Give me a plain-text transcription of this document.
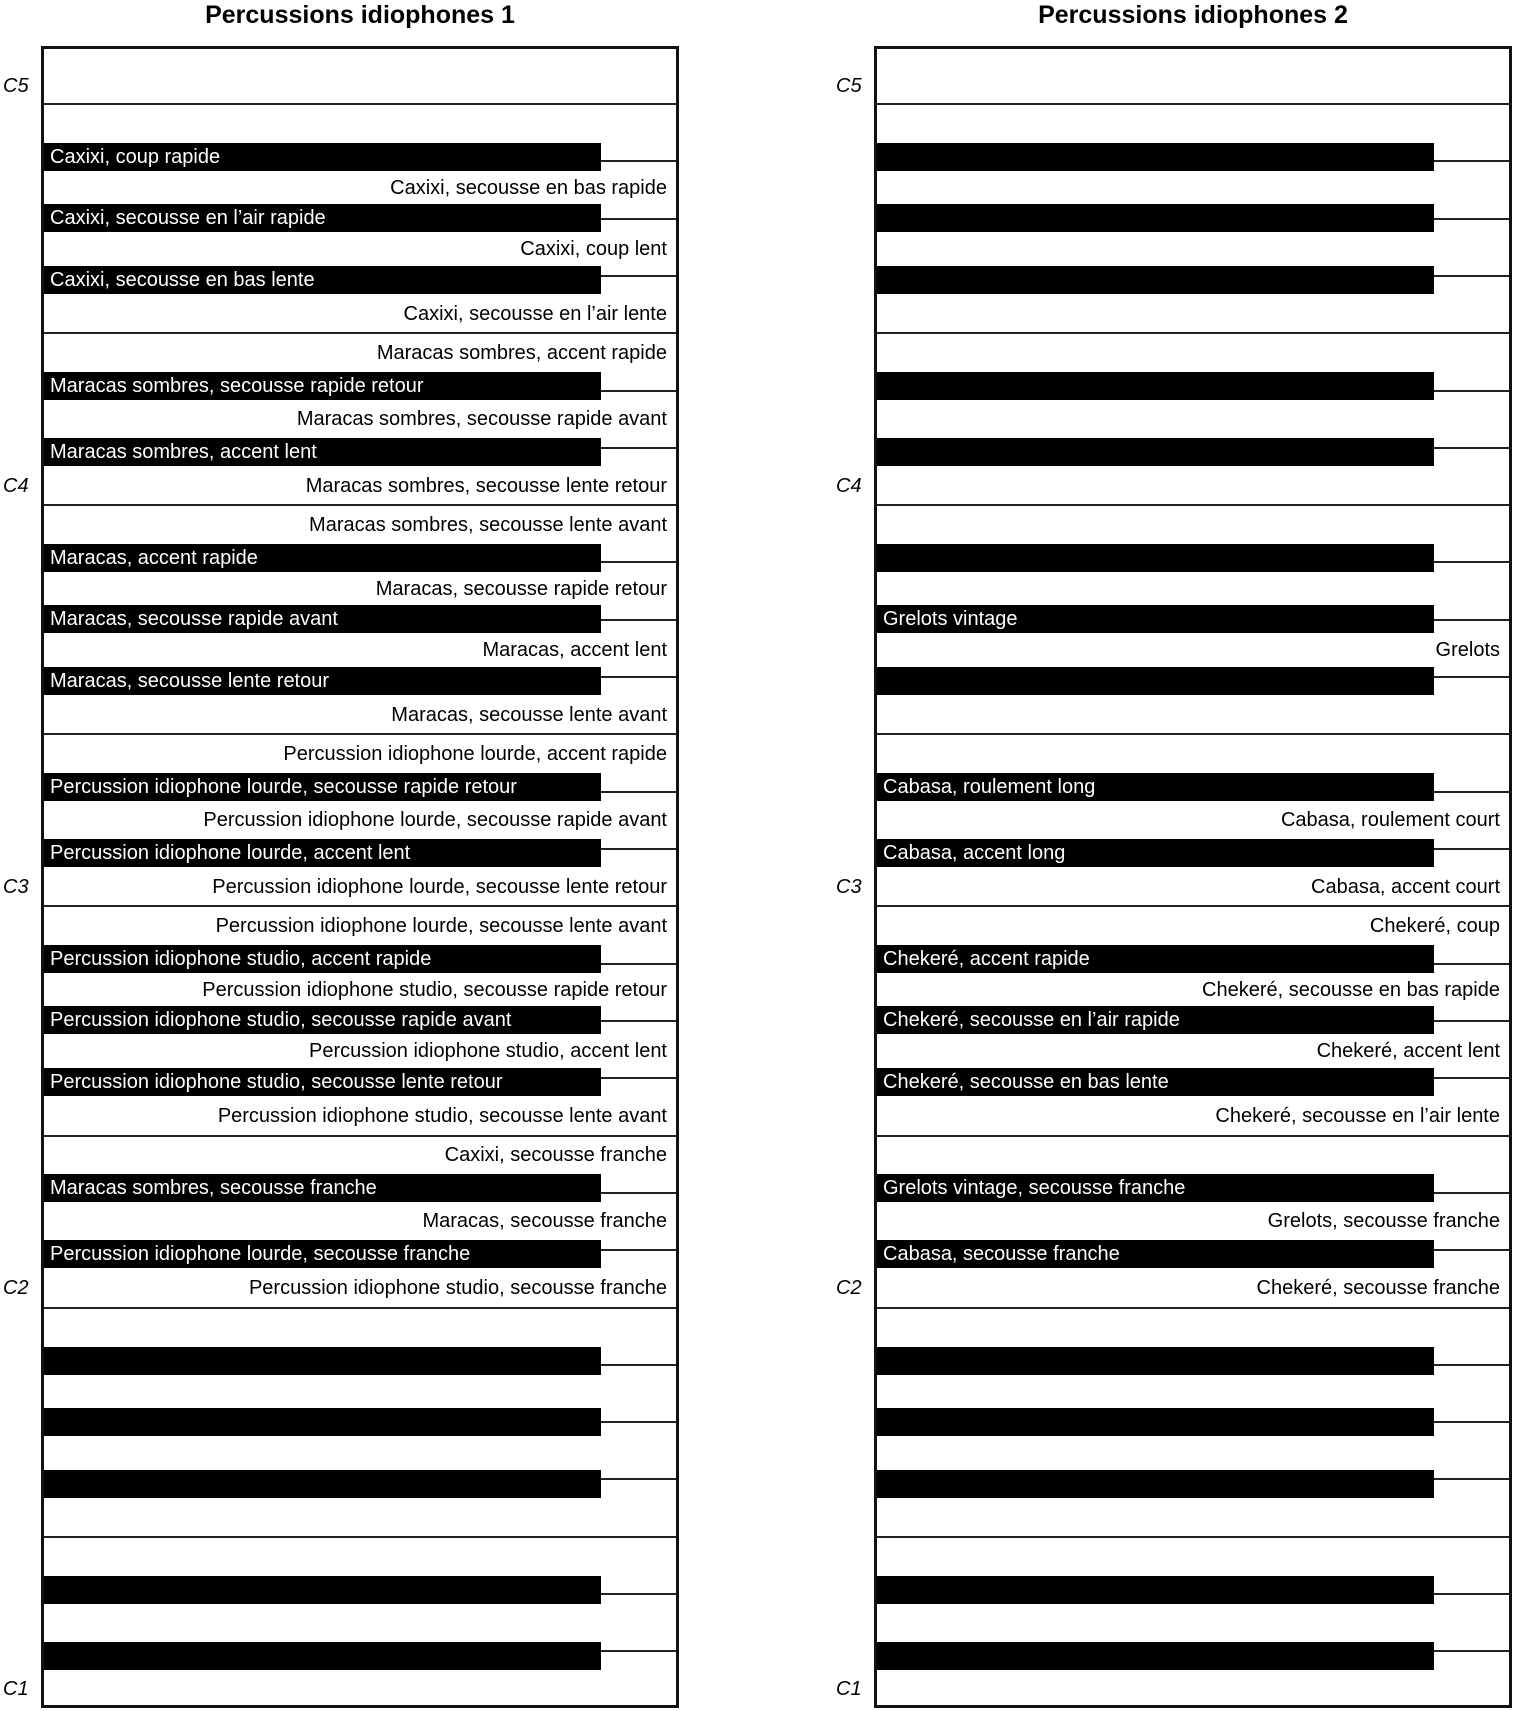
Percussions idiophones 1
Caxixi, coup rapide
Caxixi, secousse en bas rapide
Caxixi, secousse en l’air rapide
Caxixi, coup lent
Caxixi, secousse en bas lente
Caxixi, secousse en l’air lente
Maracas sombres, accent rapide
Maracas sombres, secousse rapide retour
Maracas sombres, secousse rapide avant
Maracas sombres, accent lent
Maracas sombres, secousse lente retour
Maracas sombres, secousse lente avant
Maracas, accent rapide
Maracas, secousse rapide retour
Maracas, secousse rapide avant
Maracas, accent lent
Maracas, secousse lente retour
Maracas, secousse lente avant
Percussion idiophone lourde, accent rapide
Percussion idiophone lourde, secousse rapide retour
Percussion idiophone lourde, secousse rapide avant
Percussion idiophone lourde, accent lent
Percussion idiophone lourde, secousse lente retour
Percussion idiophone lourde, secousse lente avant
Percussion idiophone studio, accent rapide
Percussion idiophone studio, secousse rapide retour
Percussion idiophone studio, secousse rapide avant
Percussion idiophone studio, accent lent
Percussion idiophone studio, secousse lente retour
Percussion idiophone studio, secousse lente avant
Caxixi, secousse franche
Maracas sombres, secousse franche
Maracas, secousse franche
Percussion idiophone lourde, secousse franche
Percussion idiophone studio, secousse franche
Percussions idiophones 2
Grelots vintage
Grelots
Cabasa, roulement long
Cabasa, roulement court
Cabasa, accent long
Cabasa, accent court
Chekeré, coup
Chekeré, accent rapide
Chekeré, secousse en bas rapide
Chekeré, secousse en l’air rapide
Chekeré, accent lent
Chekeré, secousse en bas lente
Chekeré, secousse en l’air lente
Grelots vintage, secousse franche
Grelots, secousse franche
Cabasa, secousse franche
Chekeré, secousse franche
C5
C4
C3
C2
C1
C5
C4
C3
C2
C1
